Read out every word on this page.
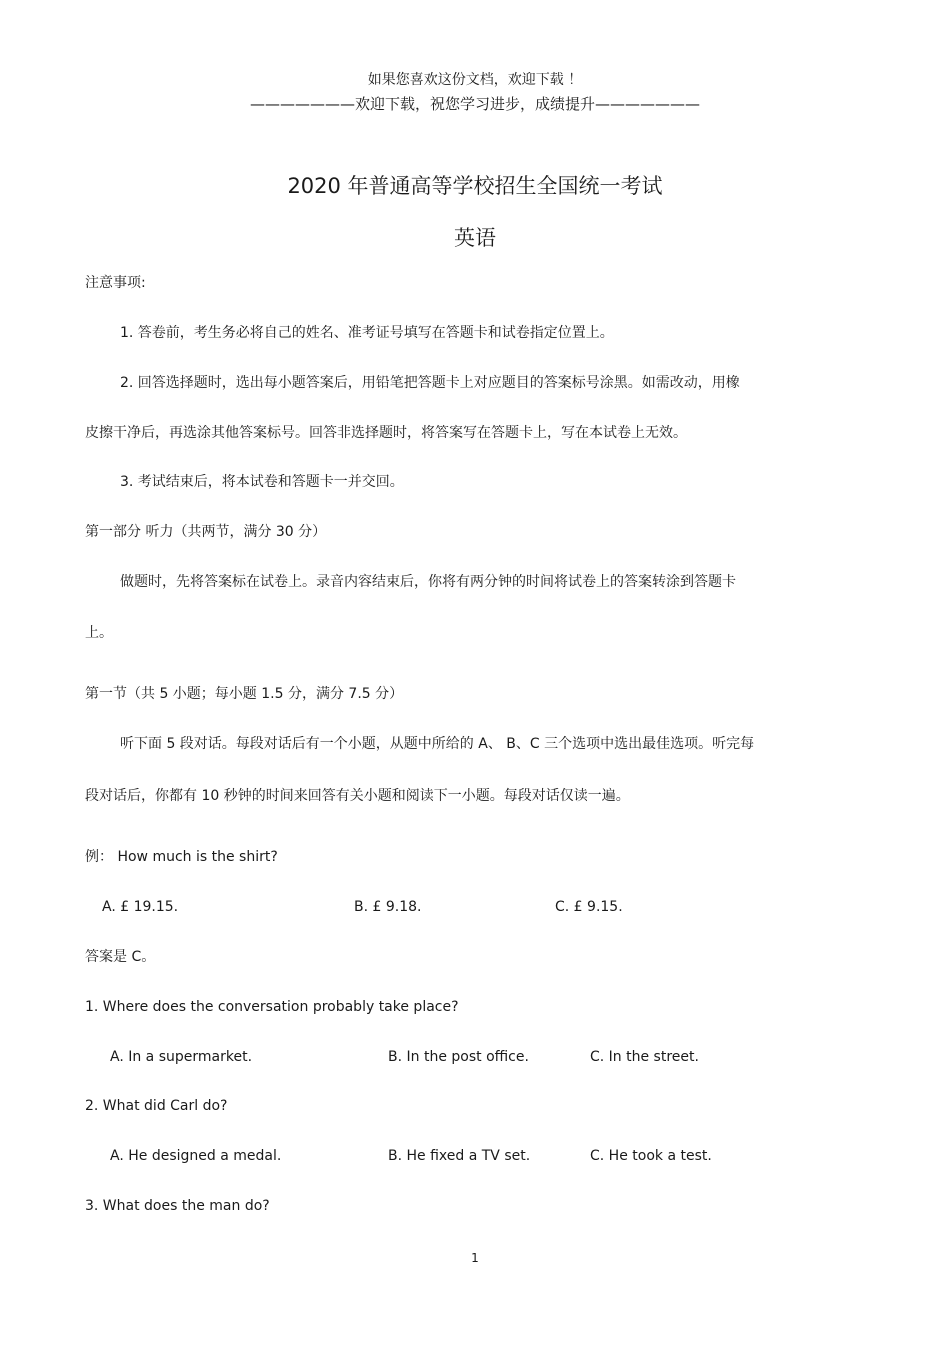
如果您喜欢这份文档，欢迎下载 ！
———————欢迎下载，祝您学习进步，成绩提升———————
2020 年普通高等学校招生全国统一考试
英语
注意事项:
1. 答卷前，考生务必将自己的姓名、准考证号填写在答题卡和试卷指定位置上。
2. 回答选择题时，选出每小题答案后，用铅笔把答题卡上对应题目的答案标号涂黑。如需改动，用橡
皮擦干净后，再选涂其他答案标号。回答非选择题时，将答案写在答题卡上，写在本试卷上无效。
3. 考试结束后，将本试卷和答题卡一并交回。
第一部分 听力（共两节，满分 30 分）
做题时，先将答案标在试卷上。录音内容结束后，你将有两分钟的时间将试卷上的答案转涂到答题卡
上。
第一节（共 5 小题；每小题 1.5 分，满分 7.5 分）
听下面 5 段对话。每段对话后有一个小题，从题中所给的 A、 B、C 三个选项中选出最佳选项。听完每
段对话后，你都有 10 秒钟的时间来回答有关小题和阅读下一小题。每段对话仅读一遍。
例： How much is the shirt?
A. £ 19.15.	B. £ 9.18.	C. £ 9.15.
答案是 C。
1. Where does the conversation probably take place?
A. In a supermarket.	B. In the post office.	C. In the street.
2. What did Carl do?
A. He designed a medal.	B. He fixed a TV set.	C. He took a test.
3. What does the man do?
1
